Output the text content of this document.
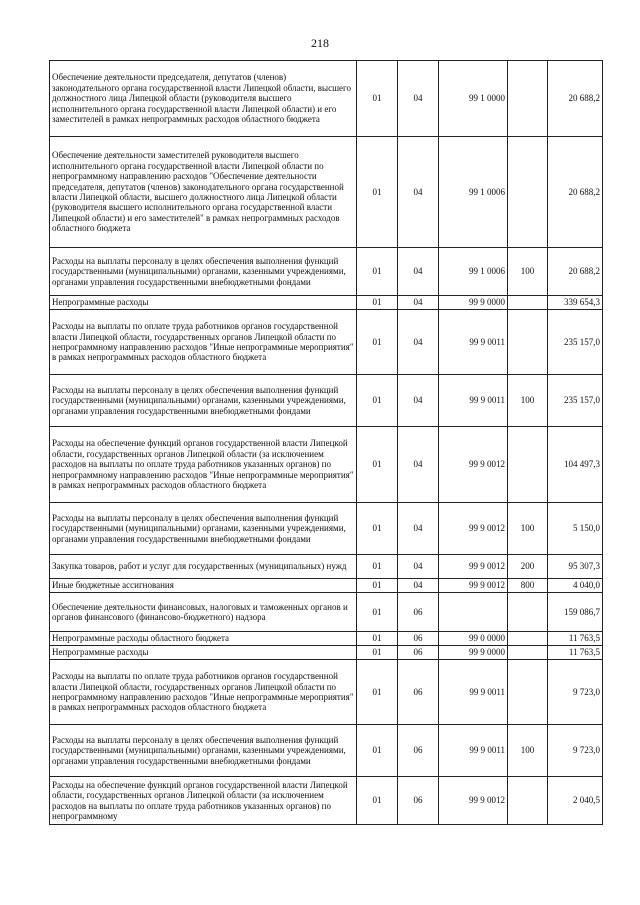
218
Обеспечение деятельности председателя, депутатов (членов) законодательного органа государственной власти Липецкой области, высшего должностного лица Липецкой области (руководителя высшего исполнительного органа государственной власти Липецкой области) и его заместителей в рамках непрограммных расходов областного бюджета	01	04	99 1 0000		20 688,2
Обеспечение деятельности заместителей руководителя высшего исполнительного органа государственной власти Липецкой области по непрограммному направлению расходов "Обеспечение деятельности председателя, депутатов (членов) законодательного органа государственной власти Липецкой области, высшего должностного лица Липецкой области (руководителя высшего исполнительного органа государственной власти Липецкой области) и его заместителей" в рамках непрограммных расходов областного бюджета	01	04	99 1 0006		20 688,2
Расходы на выплаты персоналу в целях обеспечения выполнения функций государственными (муниципальными) органами, казенными учреждениями, органами управления государственными внебюджетными фондами	01	04	99 1 0006	100	20 688,2
Непрограммные расходы	01	04	99 9 0000		339 654,3
Расходы на выплаты по оплате труда работников органов государственной власти Липецкой области, государственных органов Липецкой области по непрограммному направлению расходов "Иные непрограммные мероприятия" в рамках непрограммных расходов областного бюджета	01	04	99 9 0011		235 157,0
Расходы на выплаты персоналу в целях обеспечения выполнения функций государственными (муниципальными) органами, казенными учреждениями, органами управления государственными внебюджетными фондами	01	04	99 9 0011	100	235 157,0
Расходы на обеспечение функций органов государственной власти Липецкой области, государственных органов Липецкой области (за исключением расходов на выплаты по оплате труда работников указанных органов) по непрограммному направлению расходов "Иные непрограммные мероприятия" в рамках непрограммных расходов областного бюджета	01	04	99 9 0012		104 497,3
Расходы на выплаты персоналу в целях обеспечения выполнения функций государственными (муниципальными) органами, казенными учреждениями, органами управления государственными внебюджетными фондами	01	04	99 9 0012	100	5 150,0
Закупка товаров, работ и услуг для государственных (муниципальных) нужд	01	04	99 9 0012	200	95 307,3
Иные бюджетные ассигнования	01	04	99 9 0012	800	4 040,0
Обеспечение деятельности финансовых, налоговых и таможенных органов и органов финансового (финансово-бюджетного) надзора	01	06			159 086,7
Непрограммные расходы областного бюджета	01	06	99 0 0000		11 763,5
Непрограммные расходы	01	06	99 9 0000		11 763,5
Расходы на выплаты по оплате труда работников органов государственной власти Липецкой области, государственных органов Липецкой области по непрограммному направлению расходов "Иные непрограммные мероприятия" в рамках непрограммных расходов областного бюджета	01	06	99 9 0011		9 723,0
Расходы на выплаты персоналу в целях обеспечения выполнения функций государственными (муниципальными) органами, казенными учреждениями, органами управления государственными внебюджетными фондами	01	06	99 9 0011	100	9 723,0
Расходы на обеспечение функций органов государственной власти Липецкой области, государственных органов Липецкой области (за исключением расходов на выплаты по оплате труда работников указанных органов) по непрограммному	01	06	99 9 0012		2 040,5
